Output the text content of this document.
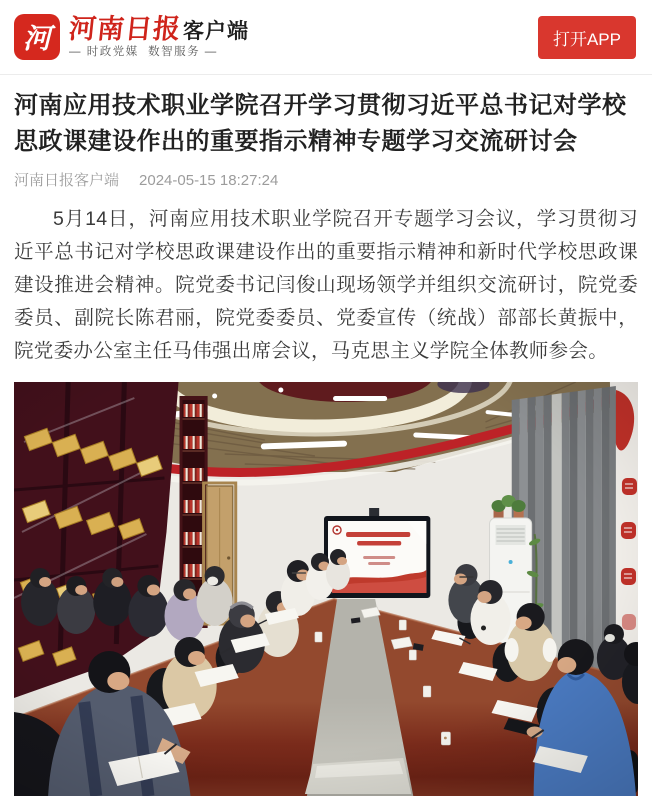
河 河南日报 客户端
— 时政党媒  数智服务 —
打开APP
河南应用技术职业学院召开学习贯彻习近平总书记对学校思政课建设作出的重要指示精神专题学习交流研讨会
河南日报客户端 2024-05-15 18:27:24

5月14日，河南应用技术职业学院召开专题学习会议，学习贯彻习近平总书记对学校思政课建设作出的重要指示精神和新时代学校思政课建设推进会精神。院党委书记闫俊山现场领学并组织交流研讨，院党委委员、副院长陈君丽，院党委委员、党委宣传（统战）部部长黄振中，院党委办公室主任马伟强出席会议，马克思主义学院全体教师参会。
